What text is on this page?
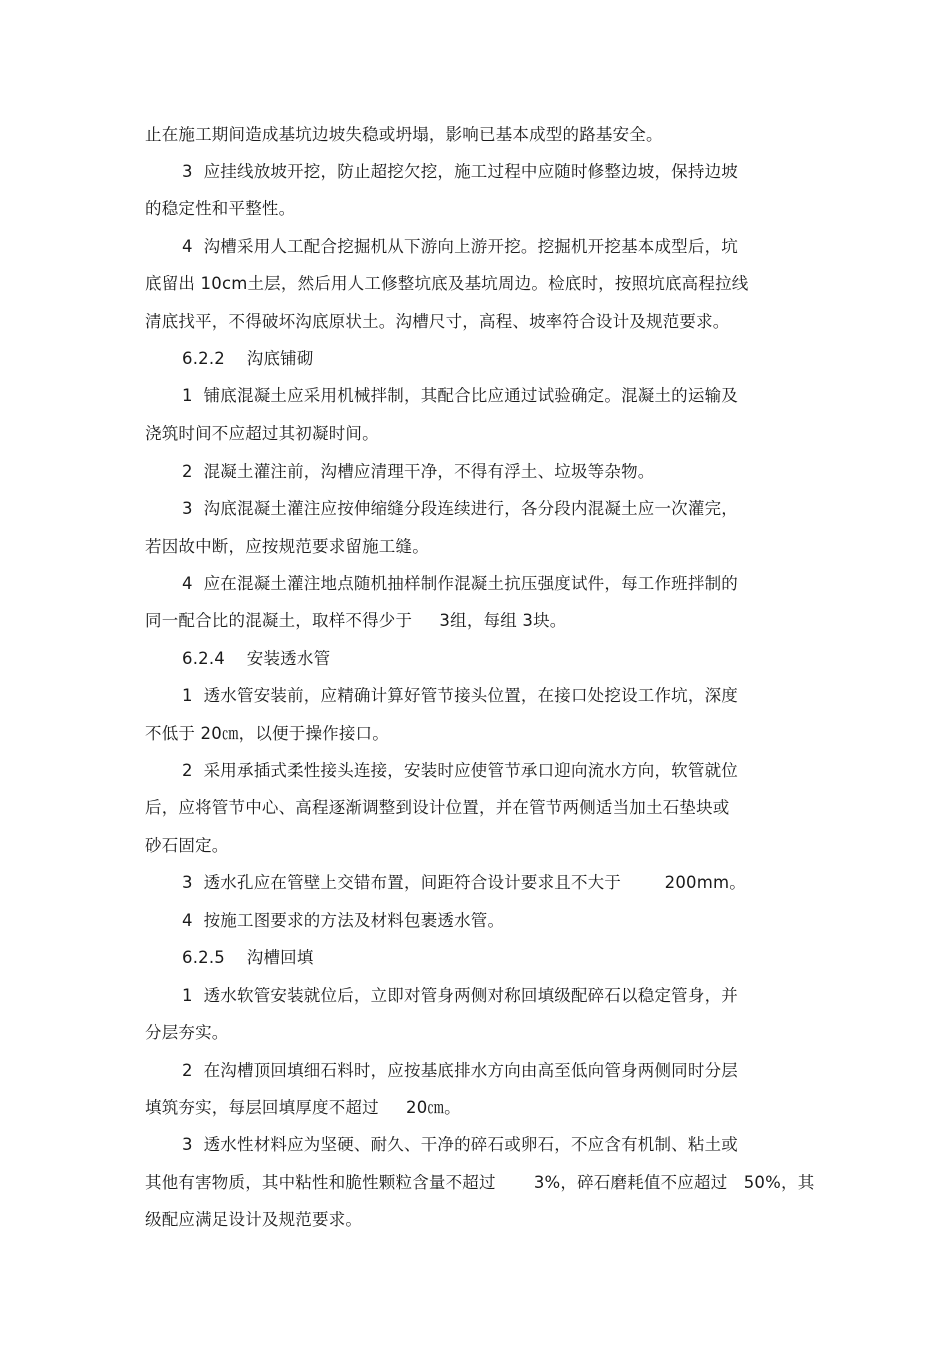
止在施工期间造成基坑边坡失稳或坍塌，影响已基本成型的路基安全。
3  应挂线放坡开挖，防止超挖欠挖，施工过程中应随时修整边坡，保持边坡
的稳定性和平整性。
4  沟槽采用人工配合挖掘机从下游向上游开挖。挖掘机开挖基本成型后，坑
底留出 10cm土层，然后用人工修整坑底及基坑周边。检底时，按照坑底高程拉线
清底找平，不得破坏沟底原状土。沟槽尺寸，高程、坡率符合设计及规范要求。
6.2.2    沟底铺砌
1  铺底混凝土应采用机械拌制，其配合比应通过试验确定。混凝土的运输及
浇筑时间不应超过其初凝时间。
2  混凝土灌注前，沟槽应清理干净，不得有浮土、垃圾等杂物。
3  沟底混凝土灌注应按伸缩缝分段连续进行，各分段内混凝土应一次灌完，
若因故中断，应按规范要求留施工缝。
4  应在混凝土灌注地点随机抽样制作混凝土抗压强度试件，每工作班拌制的
同一配合比的混凝土，取样不得少于     3组，每组 3块。
6.2.4    安装透水管
1  透水管安装前，应精确计算好管节接头位置，在接口处挖设工作坑，深度
不低于 20㎝，以便于操作接口。
2  采用承插式柔性接头连接，安装时应使管节承口迎向流水方向，软管就位
后，应将管节中心、高程逐渐调整到设计位置，并在管节两侧适当加土石垫块或
砂石固定。
3  透水孔应在管壁上交错布置，间距符合设计要求且不大于        200mm。
4  按施工图要求的方法及材料包裹透水管。
6.2.5    沟槽回填
1  透水软管安装就位后，立即对管身两侧对称回填级配碎石以稳定管身，并
分层夯实。
2  在沟槽顶回填细石料时，应按基底排水方向由高至低向管身两侧同时分层
填筑夯实，每层回填厚度不超过     20㎝。
3  透水性材料应为坚硬、耐久、干净的碎石或卵石，不应含有机制、粘土或
其他有害物质，其中粘性和脆性颗粒含量不超过       3%，碎石磨耗值不应超过   50%，其
级配应满足设计及规范要求。
